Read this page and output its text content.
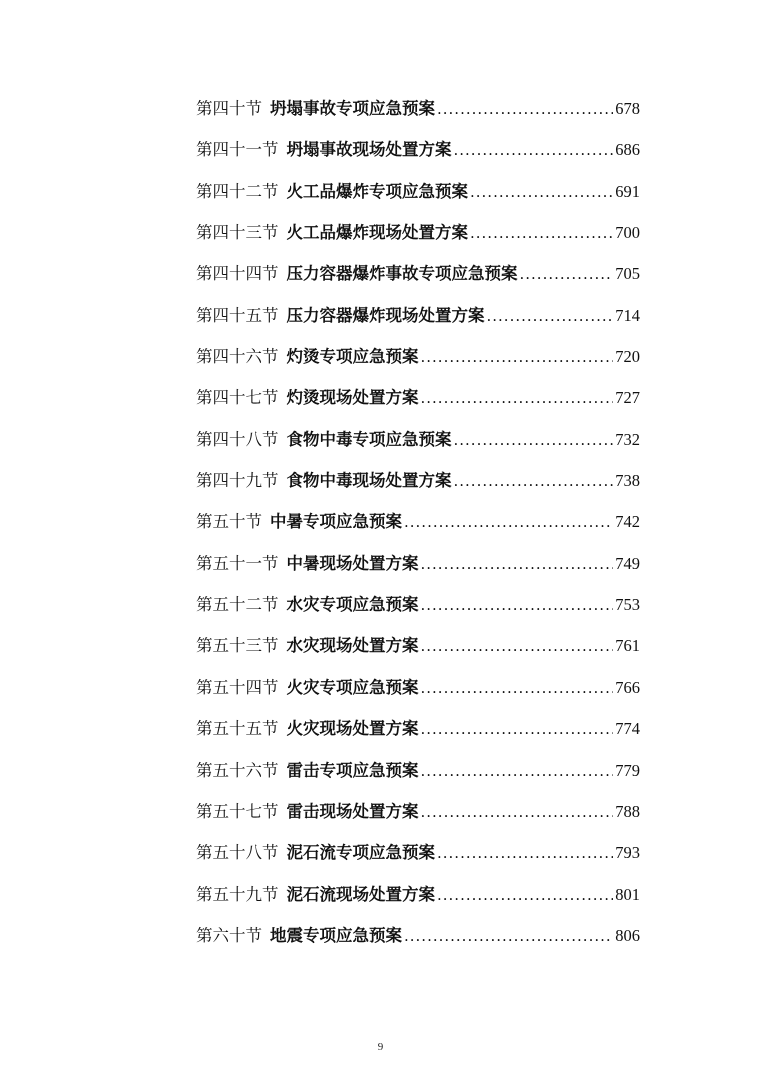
第四十节 坍塌事故专项应急预案 .....	678
第四十一节 坍塌事故现场处置方案 .....	686
第四十二节 火工品爆炸专项应急预案 .....	691
第四十三节 火工品爆炸现场处置方案 .....	700
第四十四节 压力容器爆炸事故专项应急预案 .....	705
第四十五节 压力容器爆炸现场处置方案 .....	714
第四十六节 灼烫专项应急预案 .....	720
第四十七节 灼烫现场处置方案 .....	727
第四十八节 食物中毒专项应急预案 .....	732
第四十九节 食物中毒现场处置方案 .....	738
第五十节 中暑专项应急预案 .....	742
第五十一节 中暑现场处置方案 .....	749
第五十二节 水灾专项应急预案 .....	753
第五十三节 水灾现场处置方案 .....	761
第五十四节 火灾专项应急预案 .....	766
第五十五节 火灾现场处置方案 .....	774
第五十六节 雷击专项应急预案 .....	779
第五十七节 雷击现场处置方案 .....	788
第五十八节 泥石流专项应急预案 .....	793
第五十九节 泥石流现场处置方案 .....	801
第六十节 地震专项应急预案 .....	806
9
